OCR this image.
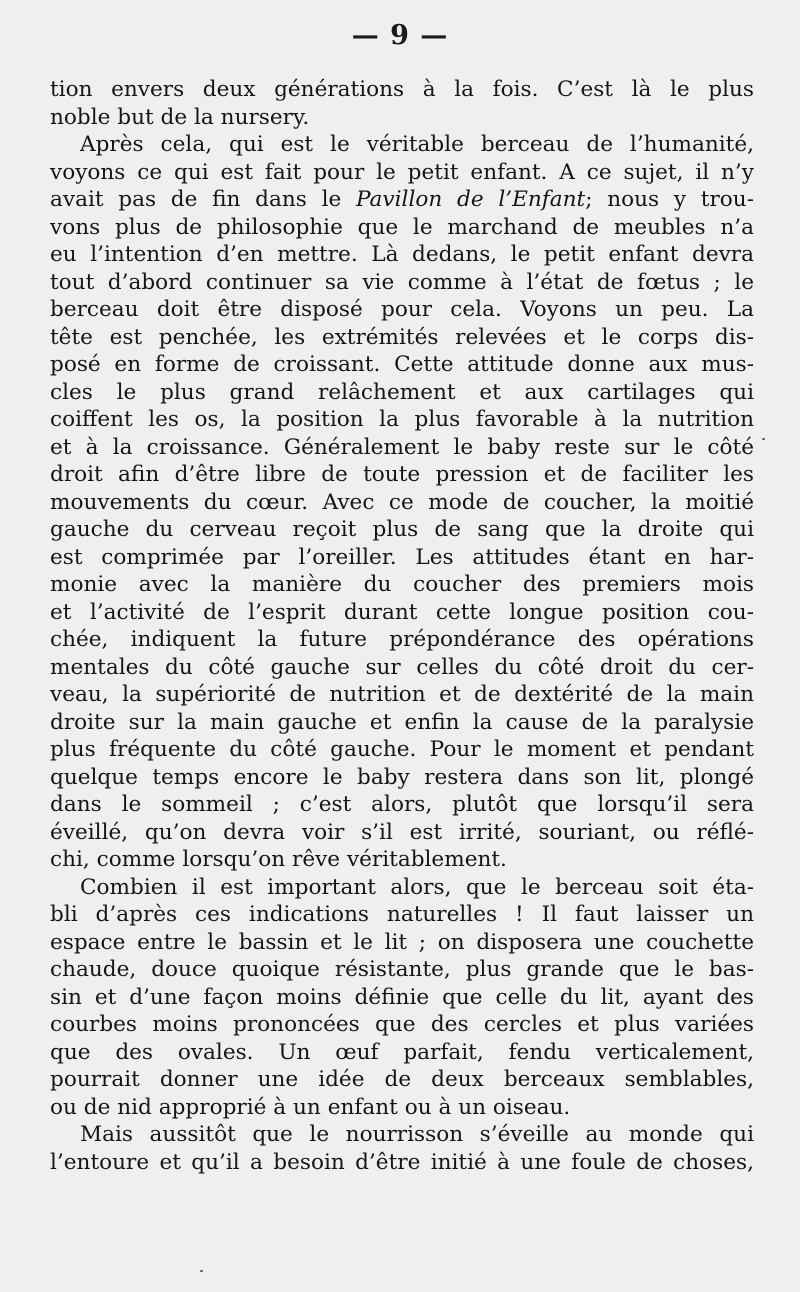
— 9 —
tion envers deux générations à la fois. C’est là le plus
noble but de la nursery.
Après cela, qui est le véritable berceau de l’humanité,
voyons ce qui est fait pour le petit enfant. A ce sujet, il n’y
avait pas de fin dans le Pavillon de l’Enfant; nous y trou-
vons plus de philosophie que le marchand de meubles n’a
eu l’intention d’en mettre. Là dedans, le petit enfant devra
tout d’abord continuer sa vie comme à l’état de fœtus ; le
berceau doit être disposé pour cela. Voyons un peu. La
tête est penchée, les extrémités relevées et le corps dis-
posé en forme de croissant. Cette attitude donne aux mus-
cles le plus grand relâchement et aux cartilages qui
coiffent les os, la position la plus favorable à la nutrition
et à la croissance. Généralement le baby reste sur le côté
droit afin d’être libre de toute pression et de faciliter les
mouvements du cœur. Avec ce mode de coucher, la moitié
gauche du cerveau reçoit plus de sang que la droite qui
est comprimée par l’oreiller. Les attitudes étant en har-
monie avec la manière du coucher des premiers mois
et l’activité de l’esprit durant cette longue position cou-
chée, indiquent la future prépondérance des opérations
mentales du côté gauche sur celles du côté droit du cer-
veau, la supériorité de nutrition et de dextérité de la main
droite sur la main gauche et enfin la cause de la paralysie
plus fréquente du côté gauche. Pour le moment et pendant
quelque temps encore le baby restera dans son lit, plongé
dans le sommeil ; c’est alors, plutôt que lorsqu’il sera
éveillé, qu’on devra voir s’il est irrité, souriant, ou réflé-
chi, comme lorsqu’on rêve véritablement.
Combien il est important alors, que le berceau soit éta-
bli d’après ces indications naturelles ! Il faut laisser un
espace entre le bassin et le lit ; on disposera une couchette
chaude, douce quoique résistante, plus grande que le bas-
sin et d’une façon moins définie que celle du lit, ayant des
courbes moins prononcées que des cercles et plus variées
que des ovales. Un œuf parfait, fendu verticalement,
pourrait donner une idée de deux berceaux semblables,
ou de nid approprié à un enfant ou à un oiseau.
Mais aussitôt que le nourrisson s’éveille au monde qui
l’entoure et qu’il a besoin d’être initié à une foule de choses,
